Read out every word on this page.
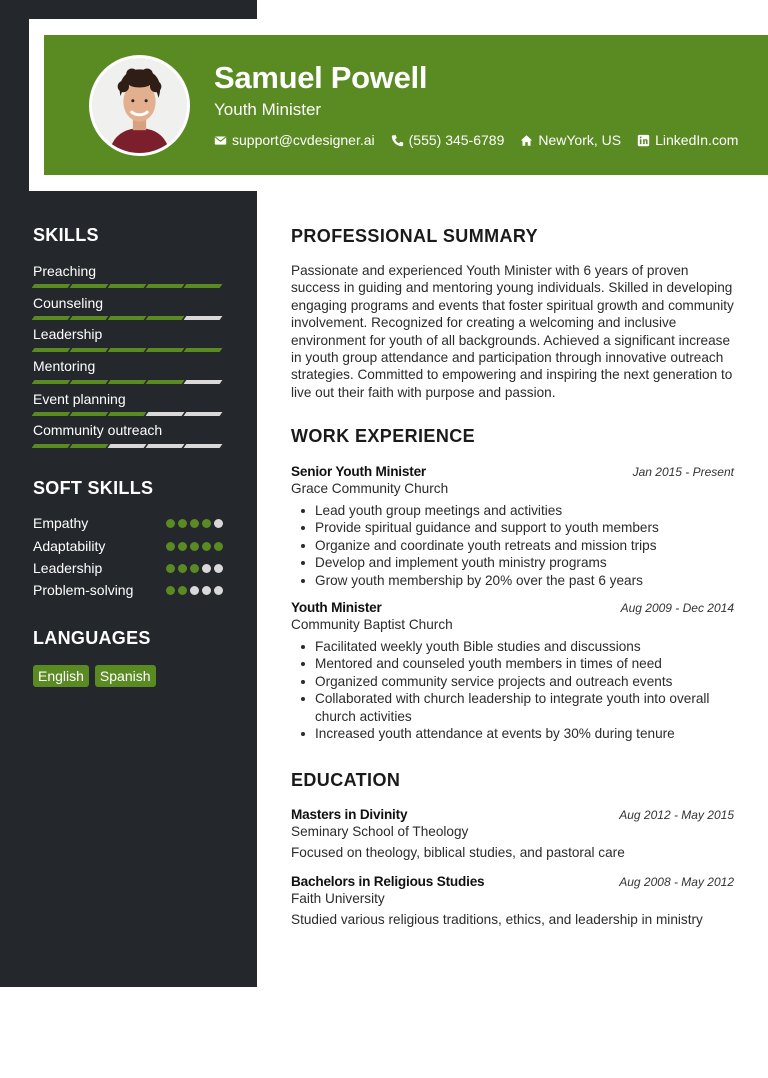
Samuel Powell
Youth Minister
support@cvdesigner.ai (555) 345-6789 NewYork, US LinkedIn.com
SKILLS
Preaching
Counseling
Leadership
Mentoring
Event planning
Community outreach
SOFT SKILLS
Empathy
Adaptability
Leadership
Problem-solving
LANGUAGES
English	Spanish
PROFESSIONAL SUMMARY
Passionate and experienced Youth Minister with 6 years of proven success in guiding and mentoring young individuals. Skilled in developing engaging programs and events that foster spiritual growth and community involvement. Recognized for creating a welcoming and inclusive environment for youth of all backgrounds. Achieved a significant increase in youth group attendance and participation through innovative outreach strategies. Committed to empowering and inspiring the next generation to live out their faith with purpose and passion.
WORK EXPERIENCE
Senior Youth Minister	Jan 2015 - Present
Grace Community Church
Lead youth group meetings and activities
Provide spiritual guidance and support to youth members
Organize and coordinate youth retreats and mission trips
Develop and implement youth ministry programs
Grow youth membership by 20% over the past 6 years
Youth Minister	Aug 2009 - Dec 2014
Community Baptist Church
Facilitated weekly youth Bible studies and discussions
Mentored and counseled youth members in times of need
Organized community service projects and outreach events
Collaborated with church leadership to integrate youth into overall church activities
Increased youth attendance at events by 30% during tenure
EDUCATION
Masters in Divinity	Aug 2012 - May 2015
Seminary School of Theology
Focused on theology, biblical studies, and pastoral care
Bachelors in Religious Studies	Aug 2008 - May 2012
Faith University
Studied various religious traditions, ethics, and leadership in ministry
